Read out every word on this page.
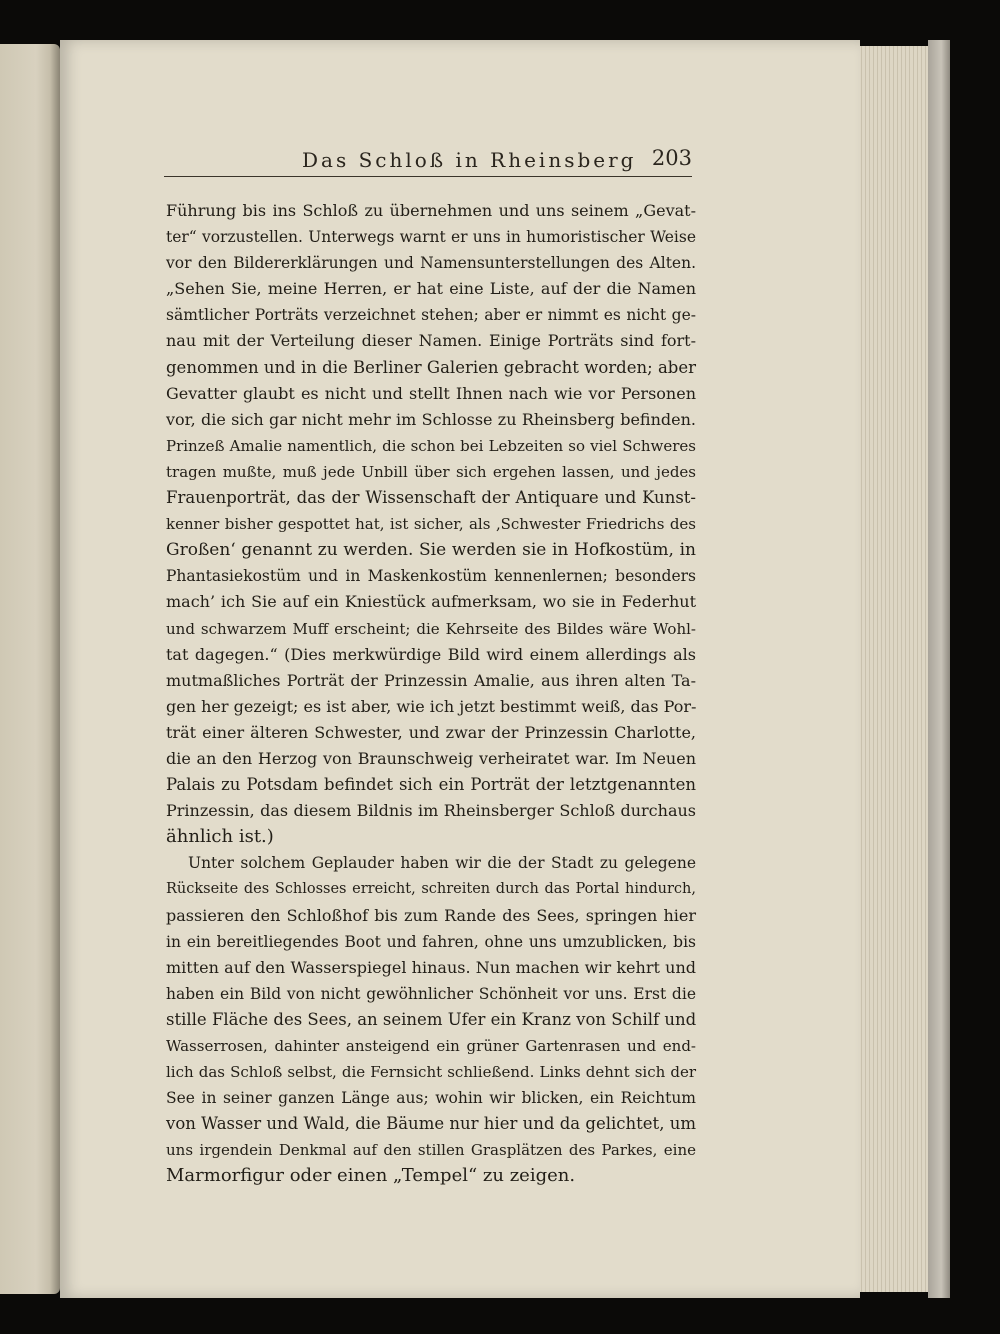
Das Schloß in Rheinsberg 203
Führung bis ins Schloß zu übernehmen und uns seinem „Gevat-
ter“ vorzustellen. Unterwegs warnt er uns in humoristischer Weise
vor den Bildererklärungen und Namensunterstellungen des Alten.
„Sehen Sie, meine Herren, er hat eine Liste, auf der die Namen
sämtlicher Porträts verzeichnet stehen; aber er nimmt es nicht ge-
nau mit der Verteilung dieser Namen. Einige Porträts sind fort-
genommen und in die Berliner Galerien gebracht worden; aber
Gevatter glaubt es nicht und stellt Ihnen nach wie vor Personen
vor, die sich gar nicht mehr im Schlosse zu Rheinsberg befinden.
Prinzeß Amalie namentlich, die schon bei Lebzeiten so viel Schweres
tragen mußte, muß jede Unbill über sich ergehen lassen, und jedes
Frauenporträt, das der Wissenschaft der Antiquare und Kunst-
kenner bisher gespottet hat, ist sicher, als ‚Schwester Friedrichs des
Großen‘ genannt zu werden. Sie werden sie in Hofkostüm, in
Phantasiekostüm und in Maskenkostüm kennenlernen; besonders
mach’ ich Sie auf ein Kniestück aufmerksam, wo sie in Federhut
und schwarzem Muff erscheint; die Kehrseite des Bildes wäre Wohl-
tat dagegen.“ (Dies merkwürdige Bild wird einem allerdings als
mutmaßliches Porträt der Prinzessin Amalie, aus ihren alten Ta-
gen her gezeigt; es ist aber, wie ich jetzt bestimmt weiß, das Por-
trät einer älteren Schwester, und zwar der Prinzessin Charlotte,
die an den Herzog von Braunschweig verheiratet war. Im Neuen
Palais zu Potsdam befindet sich ein Porträt der letztgenannten
Prinzessin, das diesem Bildnis im Rheinsberger Schloß durchaus
ähnlich ist.)
Unter solchem Geplauder haben wir die der Stadt zu gelegene
Rückseite des Schlosses erreicht, schreiten durch das Portal hindurch,
passieren den Schloßhof bis zum Rande des Sees, springen hier
in ein bereitliegendes Boot und fahren, ohne uns umzublicken, bis
mitten auf den Wasserspiegel hinaus. Nun machen wir kehrt und
haben ein Bild von nicht gewöhnlicher Schönheit vor uns. Erst die
stille Fläche des Sees, an seinem Ufer ein Kranz von Schilf und
Wasserrosen, dahinter ansteigend ein grüner Gartenrasen und end-
lich das Schloß selbst, die Fernsicht schließend. Links dehnt sich der
See in seiner ganzen Länge aus; wohin wir blicken, ein Reichtum
von Wasser und Wald, die Bäume nur hier und da gelichtet, um
uns irgendein Denkmal auf den stillen Grasplätzen des Parkes, eine
Marmorfigur oder einen „Tempel“ zu zeigen.
